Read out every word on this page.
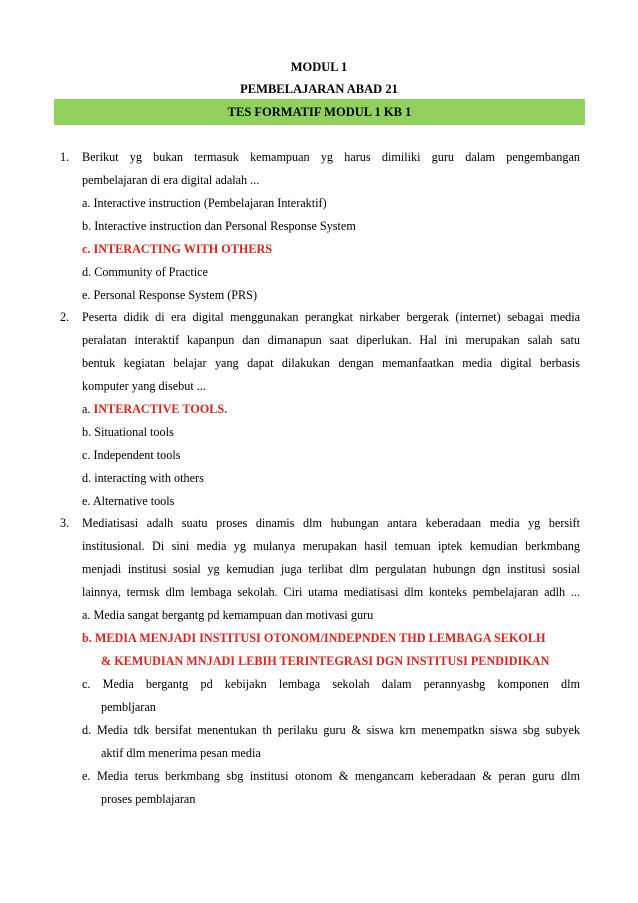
MODUL 1
PEMBELAJARAN ABAD 21
TES FORMATIF MODUL 1 KB 1
1. Berikut yg bukan termasuk kemampuan yg harus dimiliki guru dalam pengembangan
pembelajaran di era digital adalah ...
a. Interactive instruction (Pembelajaran Interaktif)
b. Interactive instruction dan Personal Response System
c. INTERACTING WITH OTHERS
d. Community of Practice
e. Personal Response System (PRS)
2. Peserta didik di era digital menggunakan perangkat nirkaber bergerak (internet) sebagai media
peralatan interaktif kapanpun dan dimanapun saat diperlukan. Hal ini merupakan salah satu
bentuk kegiatan belajar yang dapat dilakukan dengan memanfaatkan media digital berbasis
komputer yang disebut ...
a. INTERACTIVE TOOLS.
b. Situational tools
c. Independent tools
d. interacting with others
e. Alternative tools
3. Mediatisasi adalh suatu proses dinamis dlm hubungan antara keberadaan media yg bersift
institusional. Di sini media yg mulanya merupakan hasil temuan iptek kemudian berkmbang
menjadi institusi sosial yg kemudian juga terlibat dlm pergulatan hubungn dgn institusi sosial
lainnya, termsk dlm lembaga sekolah. Ciri utama mediatisasi dlm konteks pembelajaran adlh ...
a. Media sangat bergantg pd kemampuan dan motivasi guru
b. MEDIA MENJADI INSTITUSI OTONOM/INDEPNDEN THD LEMBAGA SEKOLH
& KEMUDIAN MNJADI LEBIH TERINTEGRASI DGN INSTITUSI PENDIDIKAN
c. Media bergantg pd kebijakn lembaga sekolah dalam perannyasbg komponen dlm
pembljaran
d. Media tdk bersifat menentukan th perilaku guru & siswa krn menempatkn siswa sbg subyek
aktif dlm menerima pesan media
e. Media terus berkmbang sbg institusi otonom & mengancam keberadaan & peran guru dlm
proses pemblajaran
